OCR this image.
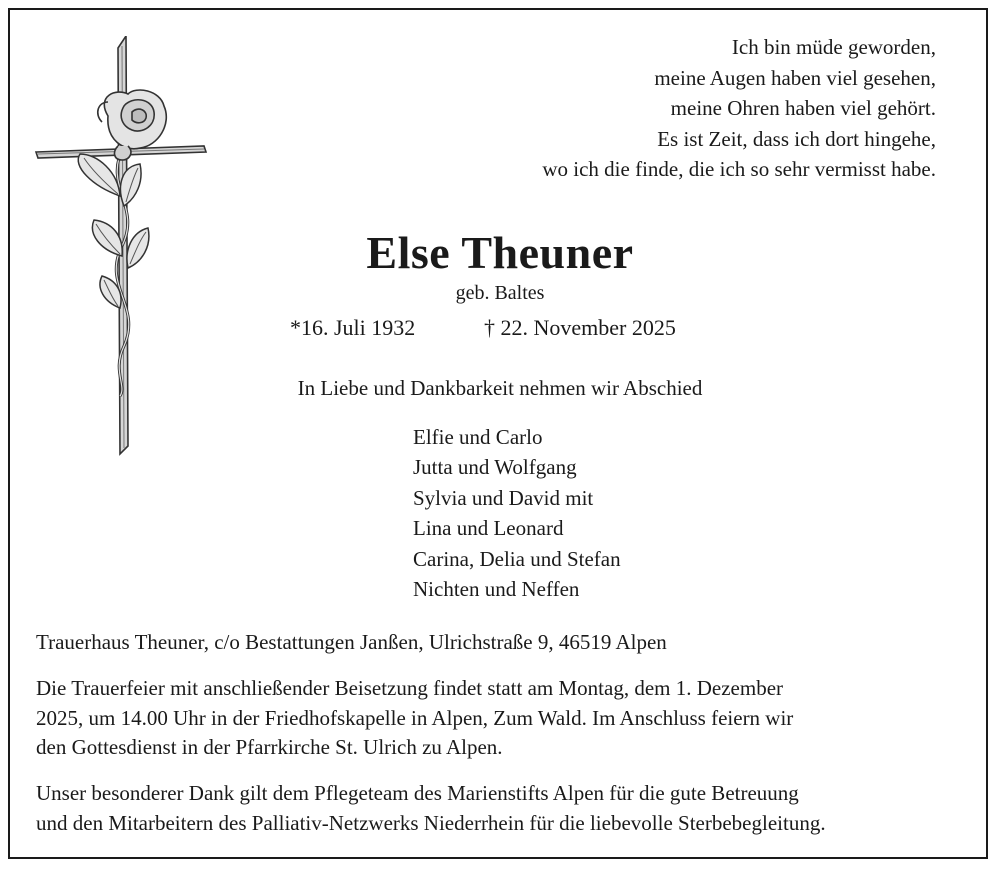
Ich bin müde geworden,
meine Augen haben viel gesehen,
meine Ohren haben viel gehört.
Es ist Zeit, dass ich dort hingehe,
wo ich die finde, die ich so sehr vermisst habe.
Else Theuner
geb. Baltes
*16. Juli 1932	† 22. November 2025
In Liebe und Dankbarkeit nehmen wir Abschied
Elfie und Carlo
Jutta und Wolfgang
Sylvia und David mit
Lina und Leonard
Carina, Delia und Stefan
Nichten und Neffen
Trauerhaus Theuner, c/o Bestattungen Janßen, Ulrichstraße 9, 46519 Alpen
Die Trauerfeier mit anschließender Beisetzung findet statt am Montag, dem 1. Dezember
2025, um 14.00 Uhr in der Friedhofskapelle in Alpen, Zum Wald. Im Anschluss feiern wir
den Gottesdienst in der Pfarrkirche St. Ulrich zu Alpen.
Unser besonderer Dank gilt dem Pflegeteam des Marienstifts Alpen für die gute Betreuung
und den Mitarbeitern des Palliativ-Netzwerks Niederrhein für die liebevolle Sterbebegleitung.
